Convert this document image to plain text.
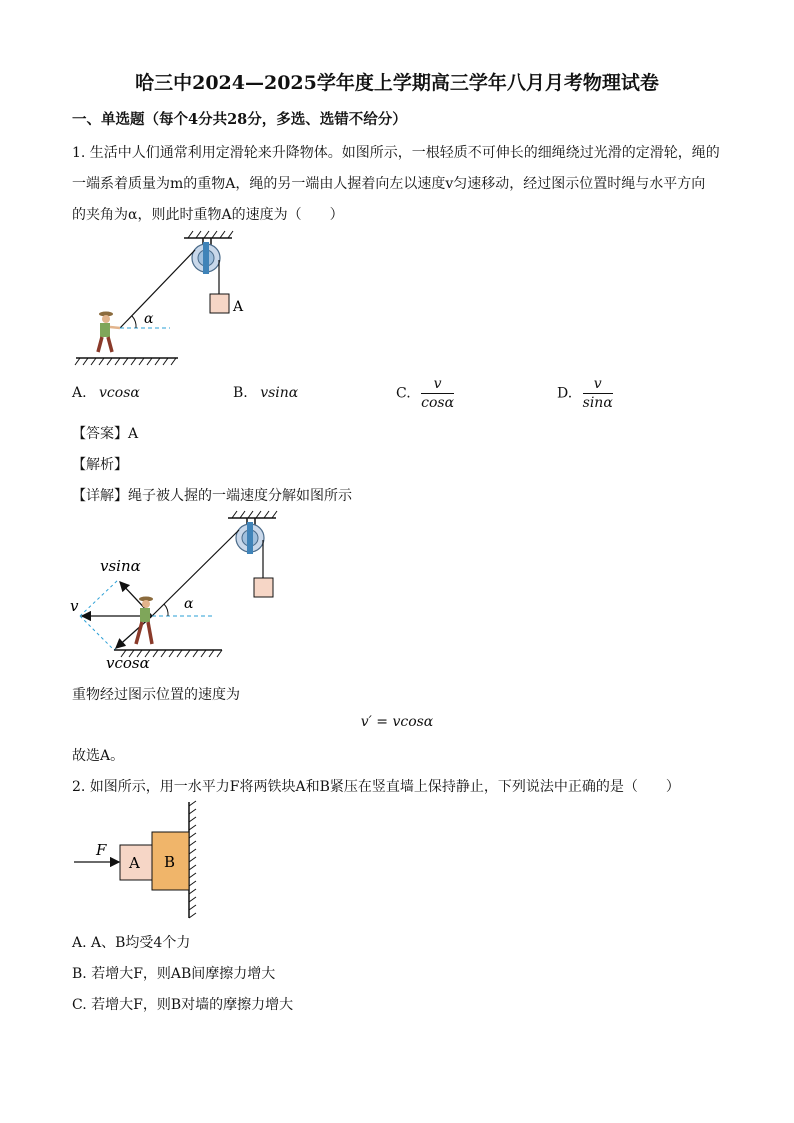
哈三中2024—2025学年度上学期高三学年八月月考物理试卷
一、单选题（每个4分共28分，多选、选错不给分）
1. 生活中人们通常利用定滑轮来升降物体。如图所示，一根轻质不可伸长的细绳绕过光滑的定滑轮，绳的
一端系着质量为m的重物A，绳的另一端由人握着向左以速度v匀速移动，经过图示位置时绳与水平方向
的夹角为α，则此时重物A的速度为（　　）
A
α
A. vcosα	B. vsinα	C. $\frac{v}{\cos\alpha}$	D. $\frac{v}{\sin\alpha}$
【答案】A
【解析】
【详解】绳子被人握的一端速度分解如图所示
α
vsinα
v
vcosα
重物经过图示位置的速度为
v′ = vcosα
故选A。
2. 如图所示，用一水平力F将两铁块A和B紧压在竖直墙上保持静止，下列说法中正确的是（　　）
B
A
F
A. A、B均受4个力
B. 若增大F，则AB间摩擦力增大
C. 若增大F，则B对墙的摩擦力增大
